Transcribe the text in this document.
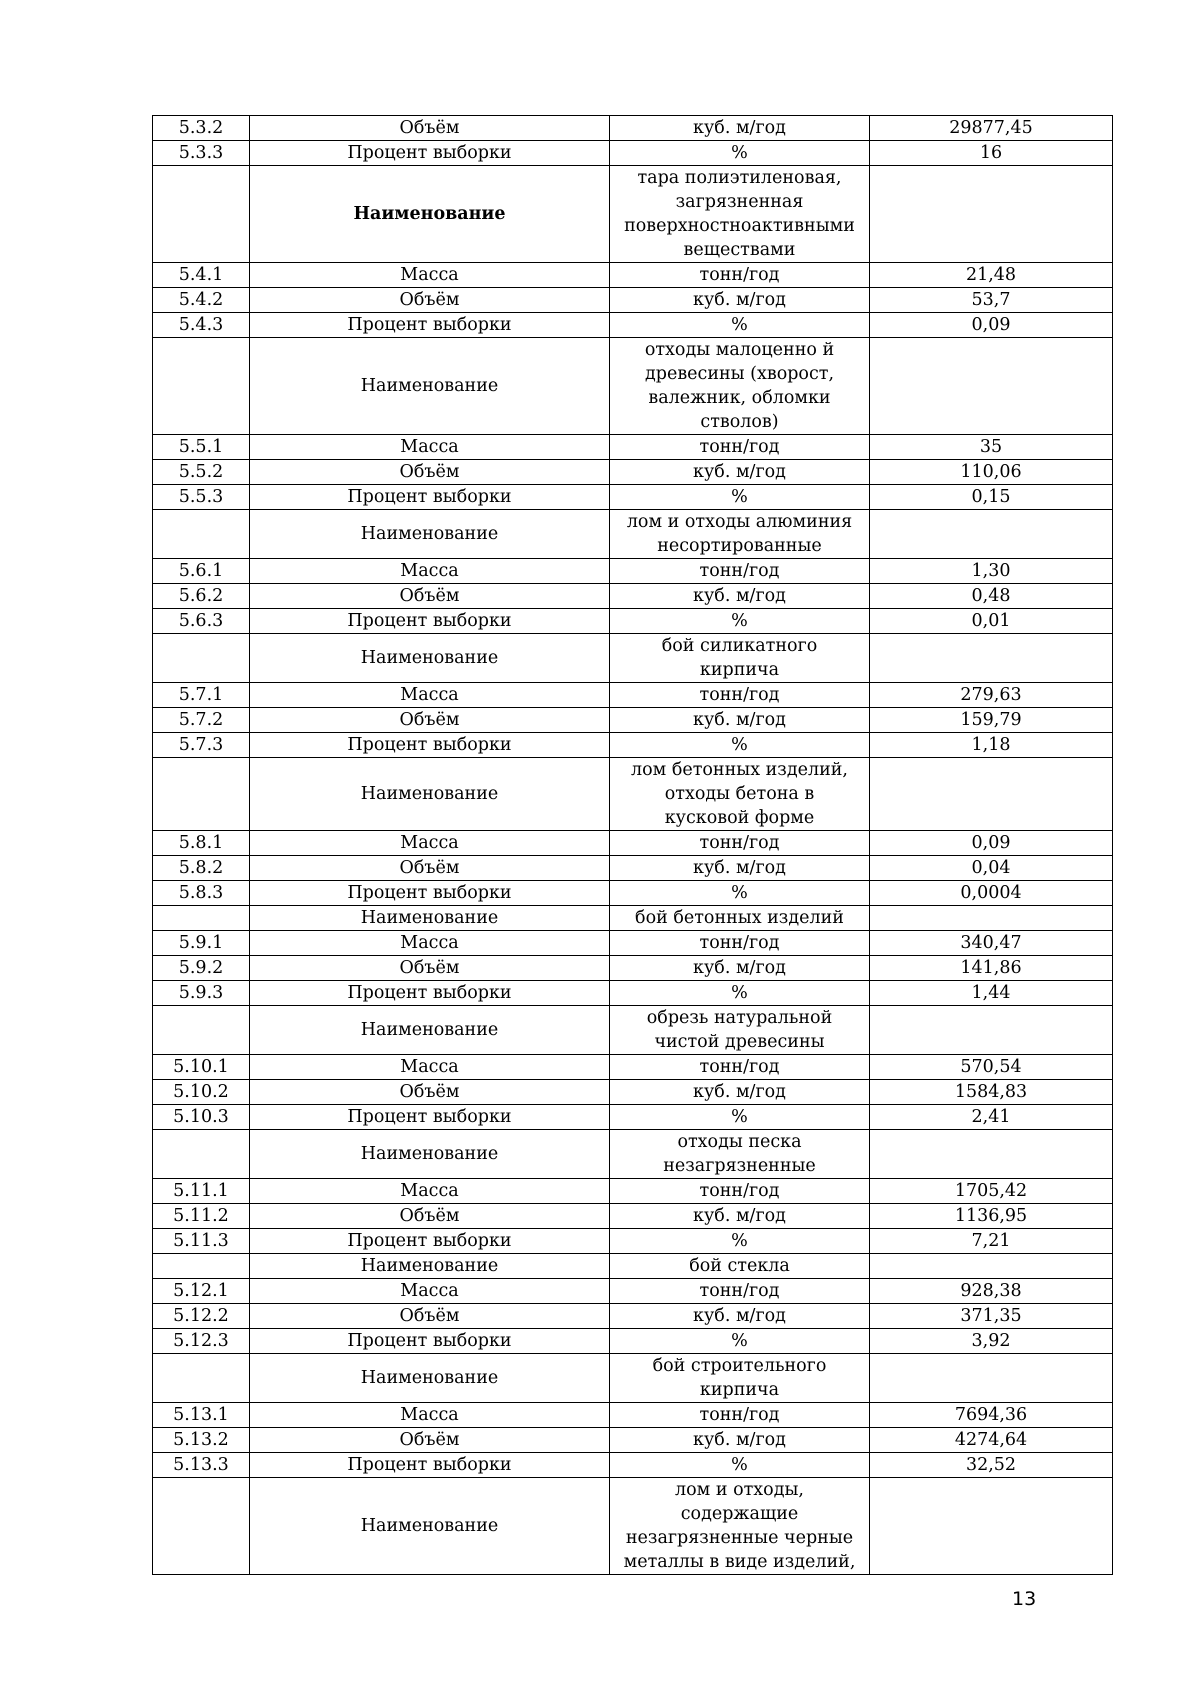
5.3.2	Объём	куб. м/год	29877,45
5.3.3	Процент выборки	%	16
	Наименование	тара полиэтиленовая,
загрязненная
поверхностноактивными
веществами	
5.4.1	Масса	тонн/год	21,48
5.4.2	Объём	куб. м/год	53,7
5.4.3	Процент выборки	%	0,09
	Наименование	отходы малоценно й
древесины (хворост,
валежник, обломки
стволов)	
5.5.1	Масса	тонн/год	35
5.5.2	Объём	куб. м/год	110,06
5.5.3	Процент выборки	%	0,15
	Наименование	лом и отходы алюминия
несортированные	
5.6.1	Масса	тонн/год	1,30
5.6.2	Объём	куб. м/год	0,48
5.6.3	Процент выборки	%	0,01
	Наименование	бой силикатного
кирпича	
5.7.1	Масса	тонн/год	279,63
5.7.2	Объём	куб. м/год	159,79
5.7.3	Процент выборки	%	1,18
	Наименование	лом бетонных изделий,
отходы бетона в
кусковой форме	
5.8.1	Масса	тонн/год	0,09
5.8.2	Объём	куб. м/год	0,04
5.8.3	Процент выборки	%	0,0004
	Наименование	бой бетонных изделий	
5.9.1	Масса	тонн/год	340,47
5.9.2	Объём	куб. м/год	141,86
5.9.3	Процент выборки	%	1,44
	Наименование	обрезь натуральной
чистой древесины	
5.10.1	Масса	тонн/год	570,54
5.10.2	Объём	куб. м/год	1584,83
5.10.3	Процент выборки	%	2,41
	Наименование	отходы песка
незагрязненные	
5.11.1	Масса	тонн/год	1705,42
5.11.2	Объём	куб. м/год	1136,95
5.11.3	Процент выборки	%	7,21
	Наименование	бой стекла	
5.12.1	Масса	тонн/год	928,38
5.12.2	Объём	куб. м/год	371,35
5.12.3	Процент выборки	%	3,92
	Наименование	бой строительного
кирпича	
5.13.1	Масса	тонн/год	7694,36
5.13.2	Объём	куб. м/год	4274,64
5.13.3	Процент выборки	%	32,52
	Наименование	лом и отходы,
содержащие
незагрязненные черные
металлы в виде изделий,	
13
